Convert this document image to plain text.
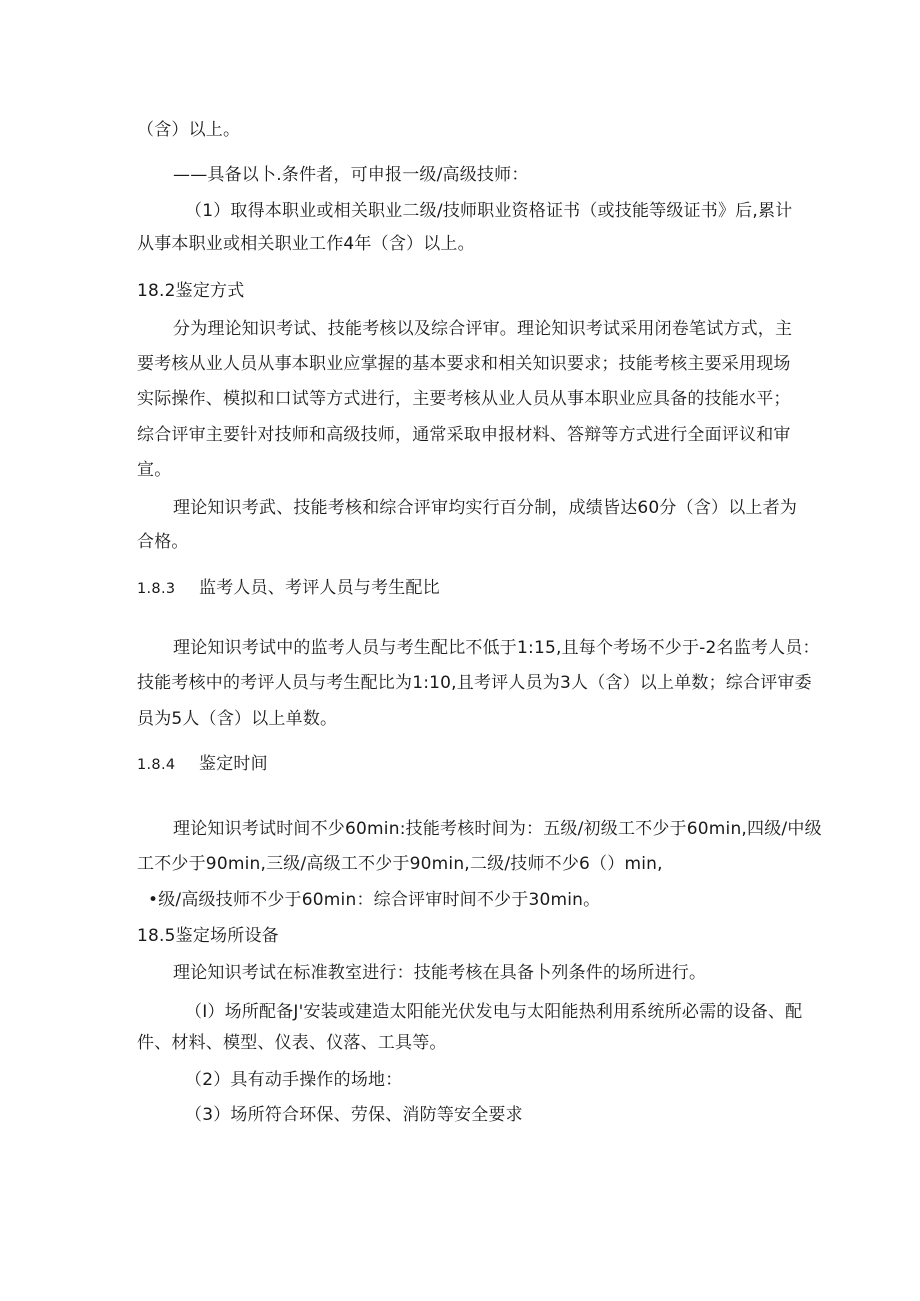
（含）以上。
——具备以卜.条件者，可申报一级/高级技师：
（1）取得本职业或相关职业二级/技师职业资格证书（或技能等级证书》后,累计
从事本职业或相关职业工作4年（含）以上。
18.2鉴定方式
分为理论知识考试、技能考核以及综合评审。理论知识考试采用闭卷笔试方式，主
要考核从业人员从事本职业应掌握的基本要求和相关知识要求；技能考核主要采用现场
实际操作、模拟和口试等方式进行，主要考核从业人员从事本职业应具备的技能水平；
综合评审主要针对技师和高级技师，通常采取申报材料、答辩等方式进行全面评议和审
宣。
理论知识考武、技能考核和综合评审均实行百分制，成绩皆达60分（含）以上者为
合格。
1.8.3 监考人员、考评人员与考生配比
理论知识考试中的监考人员与考生配比不低于1:15,且每个考场不少于-2名监考人员：
技能考核中的考评人员与考生配比为1:10,且考评人员为3人（含）以上单数；综合评审委
员为5人（含）以上单数。
1.8.4 鉴定时间
理论知识考试时间不少60min:技能考核时间为：五级/初级工不少于60min,四级/中级
工不少于90min,三级/高级工不少于90min,二级/技师不少6（）min,
•级/高级技师不少于60min：综合评审时间不少于30min。
18.5鉴定场所设备
理论知识考试在标准教室进行：技能考核在具备卜列条件的场所进行。
（I）场所配备J'安装或建造太阳能光伏发电与太阳能热利用系统所必需的设备、配
件、材料、模型、仪表、仪落、工具等。
（2）具有动手操作的场地：
（3）场所符合环保、劳保、消防等安全要求
